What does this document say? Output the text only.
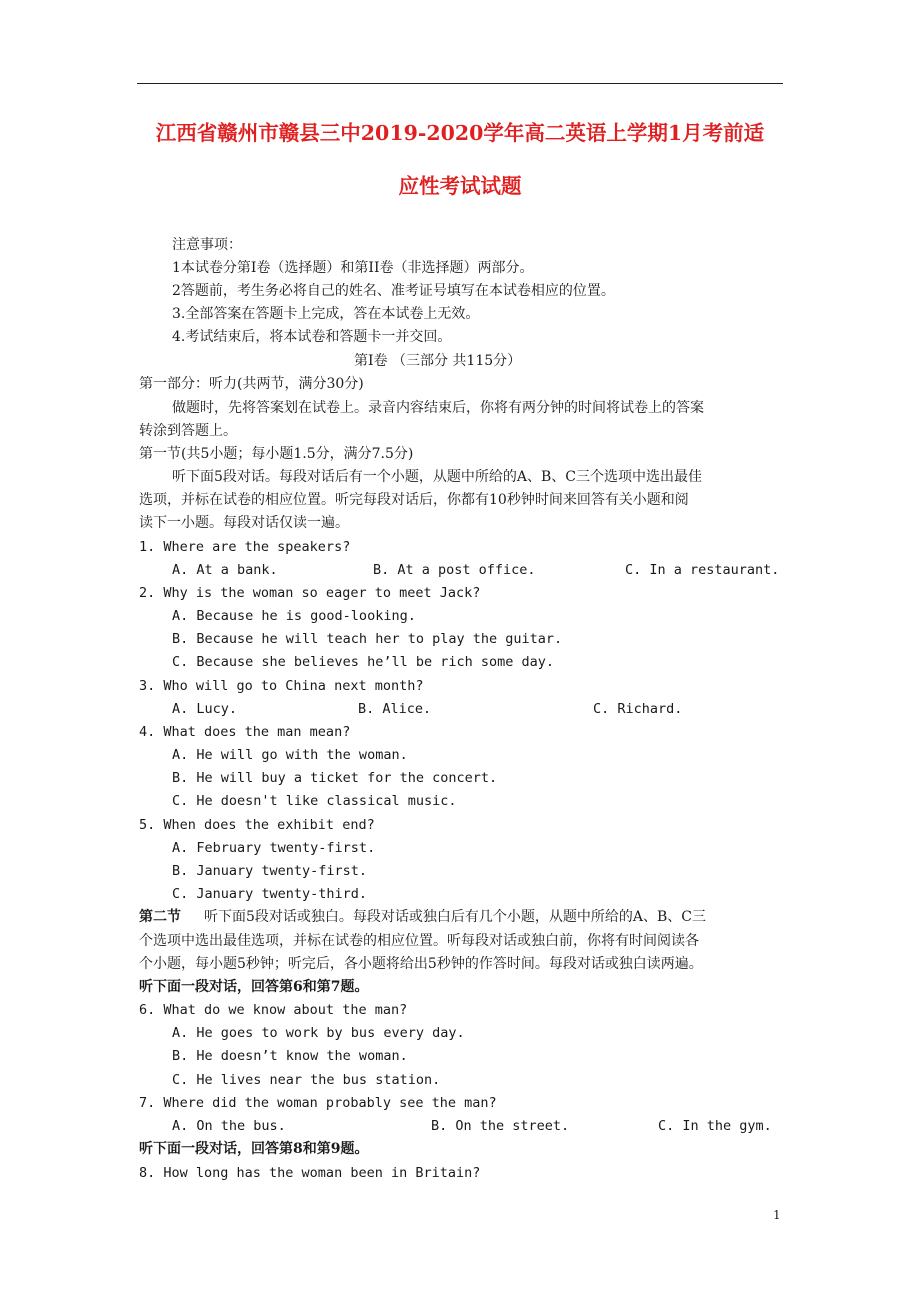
江西省赣州市赣县三中2019-2020学年高二英语上学期1月考前适
应性考试试题
注意事项：
1本试卷分第I卷（选择题）和第II卷（非选择题）两部分。
2答题前，考生务必将自己的姓名、准考证号填写在本试卷相应的位置。
3.全部答案在答题卡上完成，答在本试卷上无效。
4.考试结束后，将本试卷和答题卡一并交回。
第I卷 （三部分 共115分）
第一部分：听力(共两节，满分30分)
做题时，先将答案划在试卷上。录音内容结束后，你将有两分钟的时间将试卷上的答案
转涂到答题上。
第一节(共5小题；每小题1.5分，满分7.5分)
听下面5段对话。每段对话后有一个小题，从题中所给的A、B、C三个选项中选出最佳
选项，并标在试卷的相应位置。听完每段对话后，你都有10秒钟时间来回答有关小题和阅
读下一小题。每段对话仅读一遍。
1. Where are the speakers?
A. At a bank.	B. At a post office.	C. In a restaurant.
2. Why is the woman so eager to meet Jack?
A. Because he is good-looking.
B. Because he will teach her to play the guitar.
C. Because she believes he’ll be rich some day.
3. Who will go to China next month?
A. Lucy.	B. Alice.	C. Richard.
4. What does the man mean?
A. He will go with the woman.
B. He will buy a ticket for the concert.
C. He doesn't like classical music.
5. When does the exhibit end?
A. February twenty-first.
B. January twenty-first.
C. January twenty-third.
第二节 听下面5段对话或独白。每段对话或独白后有几个小题，从题中所给的A、B、C三
个选项中选出最佳选项，并标在试卷的相应位置。听每段对话或独白前，你将有时间阅读各
个小题，每小题5秒钟；听完后，各小题将给出5秒钟的作答时间。每段对话或独白读两遍。
听下面一段对话，回答第6和第7题。
6. What do we know about the man?
A. He goes to work by bus every day.
B. He doesn’t know the woman.
C. He lives near the bus station.
7. Where did the woman probably see the man?
A. On the bus.	B. On the street.	C. In the gym.
听下面一段对话，回答第8和第9题。
8. How long has the woman been in Britain?
1
